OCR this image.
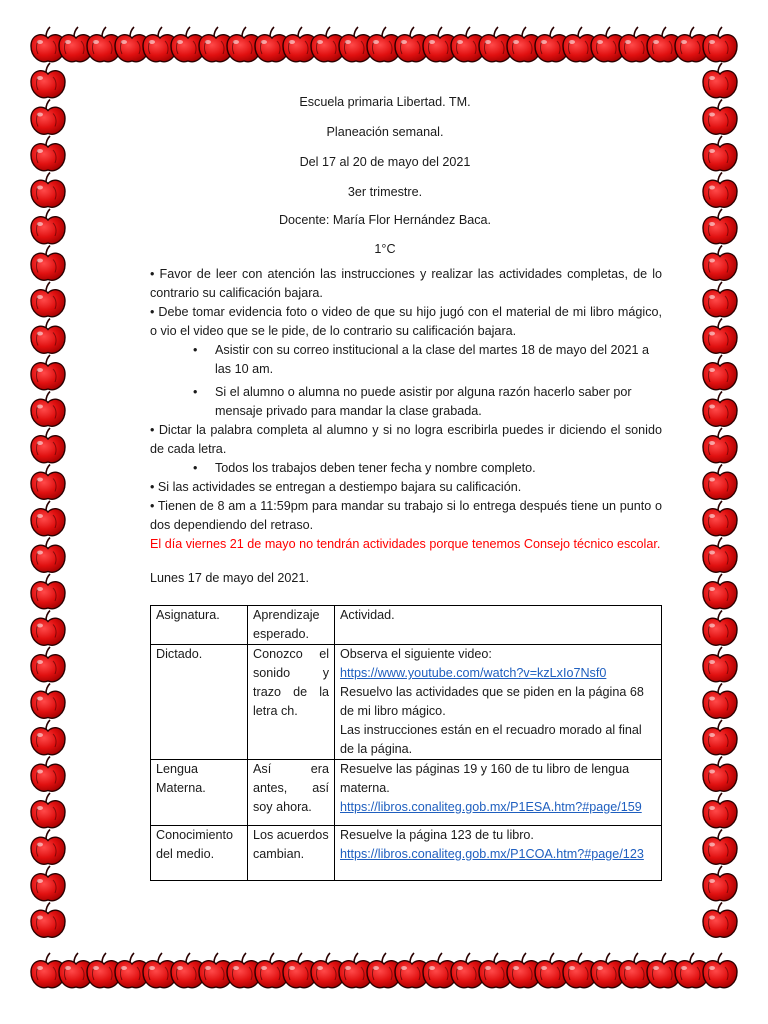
Escuela primaria Libertad. TM.
Planeación semanal.
Del 17 al 20 de mayo del 2021
3er trimestre.
Docente: María Flor Hernández Baca.
1°C

• Favor de leer con atención las instrucciones y realizar las actividades completas, de lo contrario su calificación bajara.

• Debe tomar evidencia foto o video de que su hijo jugó con el material de mi libro mágico, o vio el video que se le pide, de lo contrario su calificación bajara.

• Asistir con su correo institucional a la clase del martes 18 de mayo del 2021 a las 10 am.

• Si el alumno o alumna no puede asistir por alguna razón hacerlo saber por mensaje privado para mandar la clase grabada.

• Dictar la palabra completa al alumno y si no logra escribirla puedes ir diciendo el sonido de cada letra.

• Todos los trabajos deben tener fecha y nombre completo.

• Si las actividades se entregan a destiempo bajara su calificación.

• Tienen de 8 am a 11:59pm para mandar su trabajo si lo entrega después tiene un punto o dos dependiendo del retraso.

El día viernes 21 de mayo no tendrán actividades porque tenemos Consejo técnico escolar.

Lunes 17 de mayo del 2021.
Asignatura.	Aprendizaje esperado.	Actividad.
Dictado.	Conozco el sonido y trazo de la letra ch.	Observa el siguiente video:
https://www.youtube.com/watch?v=kzLxIo7Nsf0
Resuelvo las actividades que se piden en la página 68 de mi libro mágico.
Las instrucciones están en el recuadro morado al final de la página.

Lengua Materna.	Así era antes, así soy ahora.	Resuelve las páginas 19 y 160 de tu libro de lengua materna.
https://libros.conaliteg.gob.mx/P1ESA.htm?#page/159

Conocimiento del medio.	Los acuerdos cambian.	Resuelve la página 123 de tu libro.
https://libros.conaliteg.gob.mx/P1COA.htm?#page/123
